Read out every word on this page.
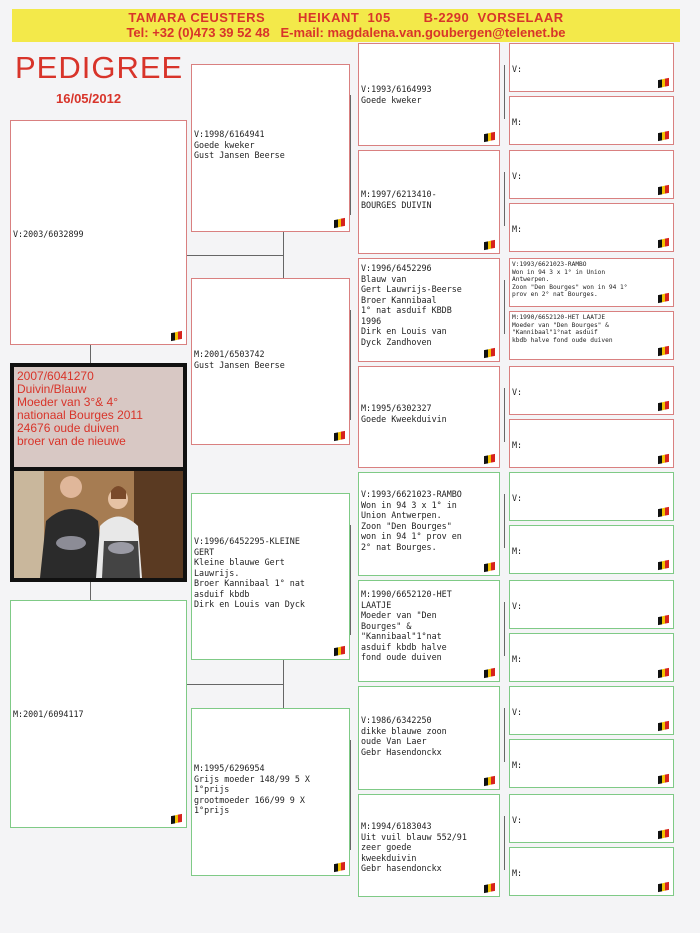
TAMARA CEUSTERS        HEIKANT  105        B-2290  VORSELAAR
Tel: +32 (0)473 39 52 48   E-mail: magdalena.van.goubergen@telenet.be
PEDIGREE
16/05/2012
V:2003/6032899
2007/6041270
Duivin/Blauw
Moeder van 3°& 4°
nationaal Bourges 2011
24676 oude duiven
broer van de nieuwe
M:2001/6094117
V:1998/6164941
Goede kweker
Gust Jansen Beerse
M:2001/6503742
Gust Jansen Beerse
V:1996/6452295-KLEINE
GERT
Kleine blauwe Gert
Lauwrijs.
Broer Kannibaal 1° nat
asduif kbdb
Dirk en Louis van Dyck
M:1995/6296954
Grijs moeder 148/99 5 X
1°prijs
grootmoeder 166/99 9 X
1°prijs
V:1993/6164993
Goede kweker
M:1997/6213410-
BOURGES DUIVIN
V:1996/6452296
Blauw van
Gert Lauwrijs-Beerse
Broer Kannibaal
1° nat asduif KBDB
1996
Dirk en Louis van
Dyck Zandhoven
M:1995/6302327
Goede Kweekduivin
V:1993/6621023-RAMBO
Won in 94 3 x 1° in
Union Antwerpen.
Zoon "Den Bourges"
won in 94 1° prov en
2° nat Bourges.
M:1990/6652120-HET
LAATJE
Moeder van "Den
Bourges" &
"Kannibaal"1°nat
asduif kbdb halve
fond oude duiven
V:1986/6342250
dikke blauwe zoon
oude Van Laer
Gebr Hasendonckx
M:1994/6183043
Uit vuil blauw 552/91
zeer goede
kweekduivin
Gebr hasendonckx
V:
M:
V:
M:
V:1993/6621023-RAMBO
Won in 94 3 x 1° in Union
Antwerpen.
Zoon "Den Bourges" won in 94 1°
prov en 2° nat Bourges.
M:1990/6652120-HET LAATJE
Moeder van "Den Bourges" &
"Kannibaal"1°nat asduif
kbdb halve fond oude duiven
V:
M:
V:
M:
V:
M:
V:
M:
V:
M:
